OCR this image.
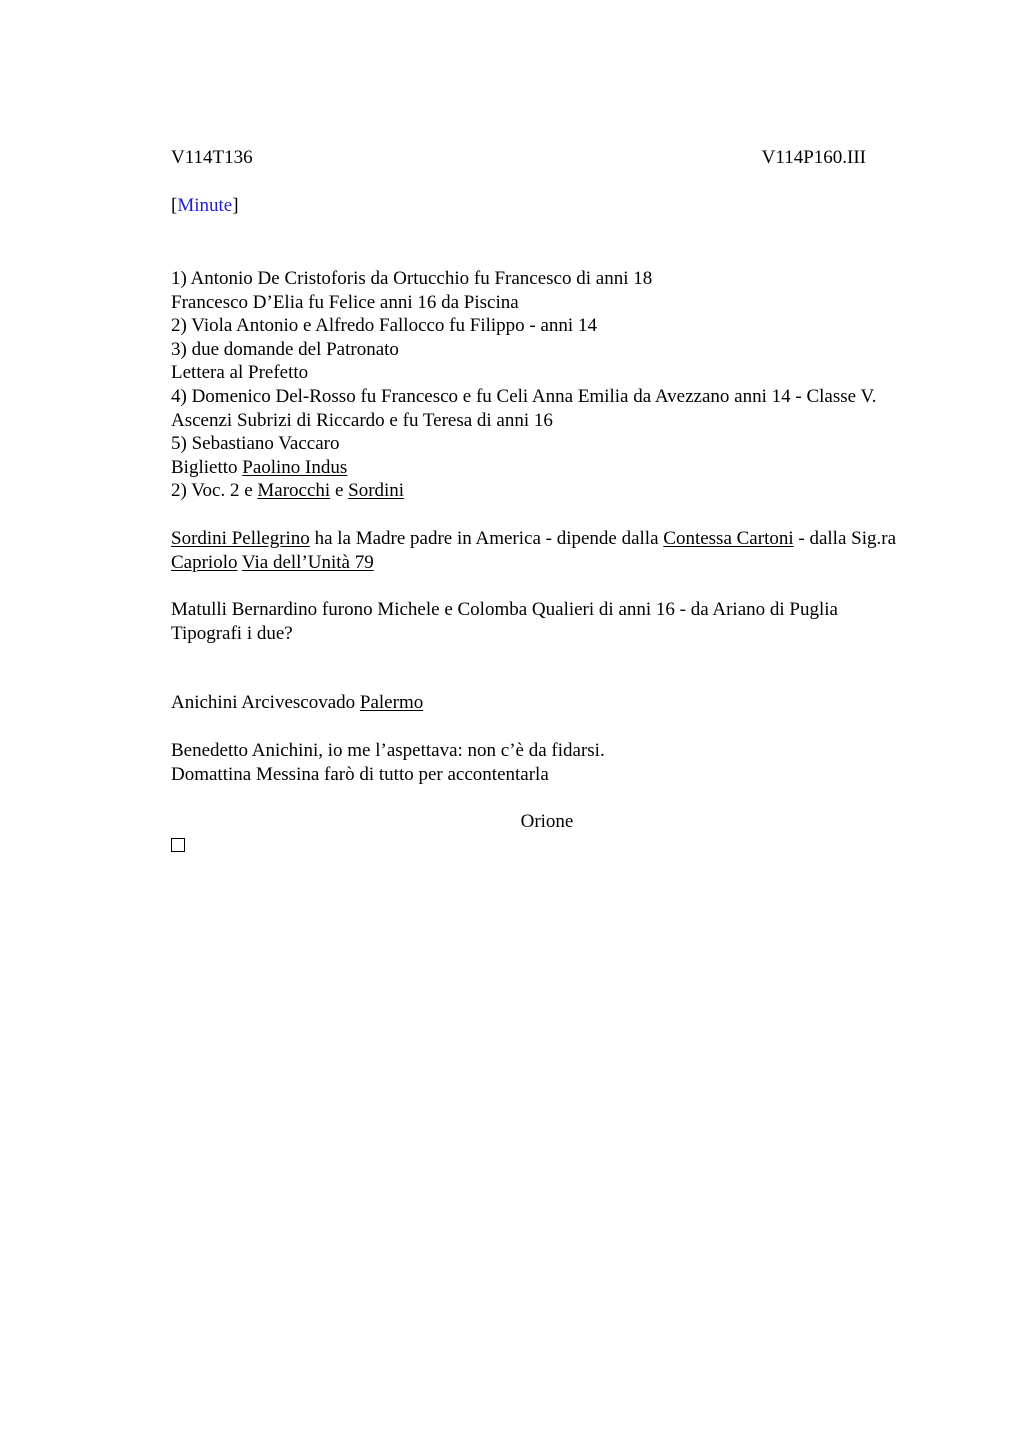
V114T136	V114P160.III
[Minute]
1) Antonio De Cristoforis da Ortucchio fu Francesco di anni 18
Francesco D’Elia fu Felice anni 16 da Piscina
2) Viola Antonio e Alfredo Fallocco fu Filippo - anni 14
3) due domande del Patronato
Lettera al Prefetto
4) Domenico Del-Rosso fu Francesco e fu Celi Anna Emilia da Avezzano anni 14 - Classe V.
Ascenzi Subrizi di Riccardo e fu Teresa di anni 16
5) Sebastiano Vaccaro
Biglietto Paolino Indus
2) Voc. 2 e Marocchi e Sordini
Sordini Pellegrino ha la Madre padre in America - dipende dalla Contessa Cartoni - dalla Sig.ra Capriolo Via dell’Unità 79
Matulli Bernardino furono Michele e Colomba Qualieri di anni 16 - da Ariano di Puglia
Tipografi i due?
Anichini Arcivescovado Palermo
Benedetto Anichini, io me l’aspettava: non c’è da fidarsi.
Domattina Messina farò di tutto per accontentarla
Orione
